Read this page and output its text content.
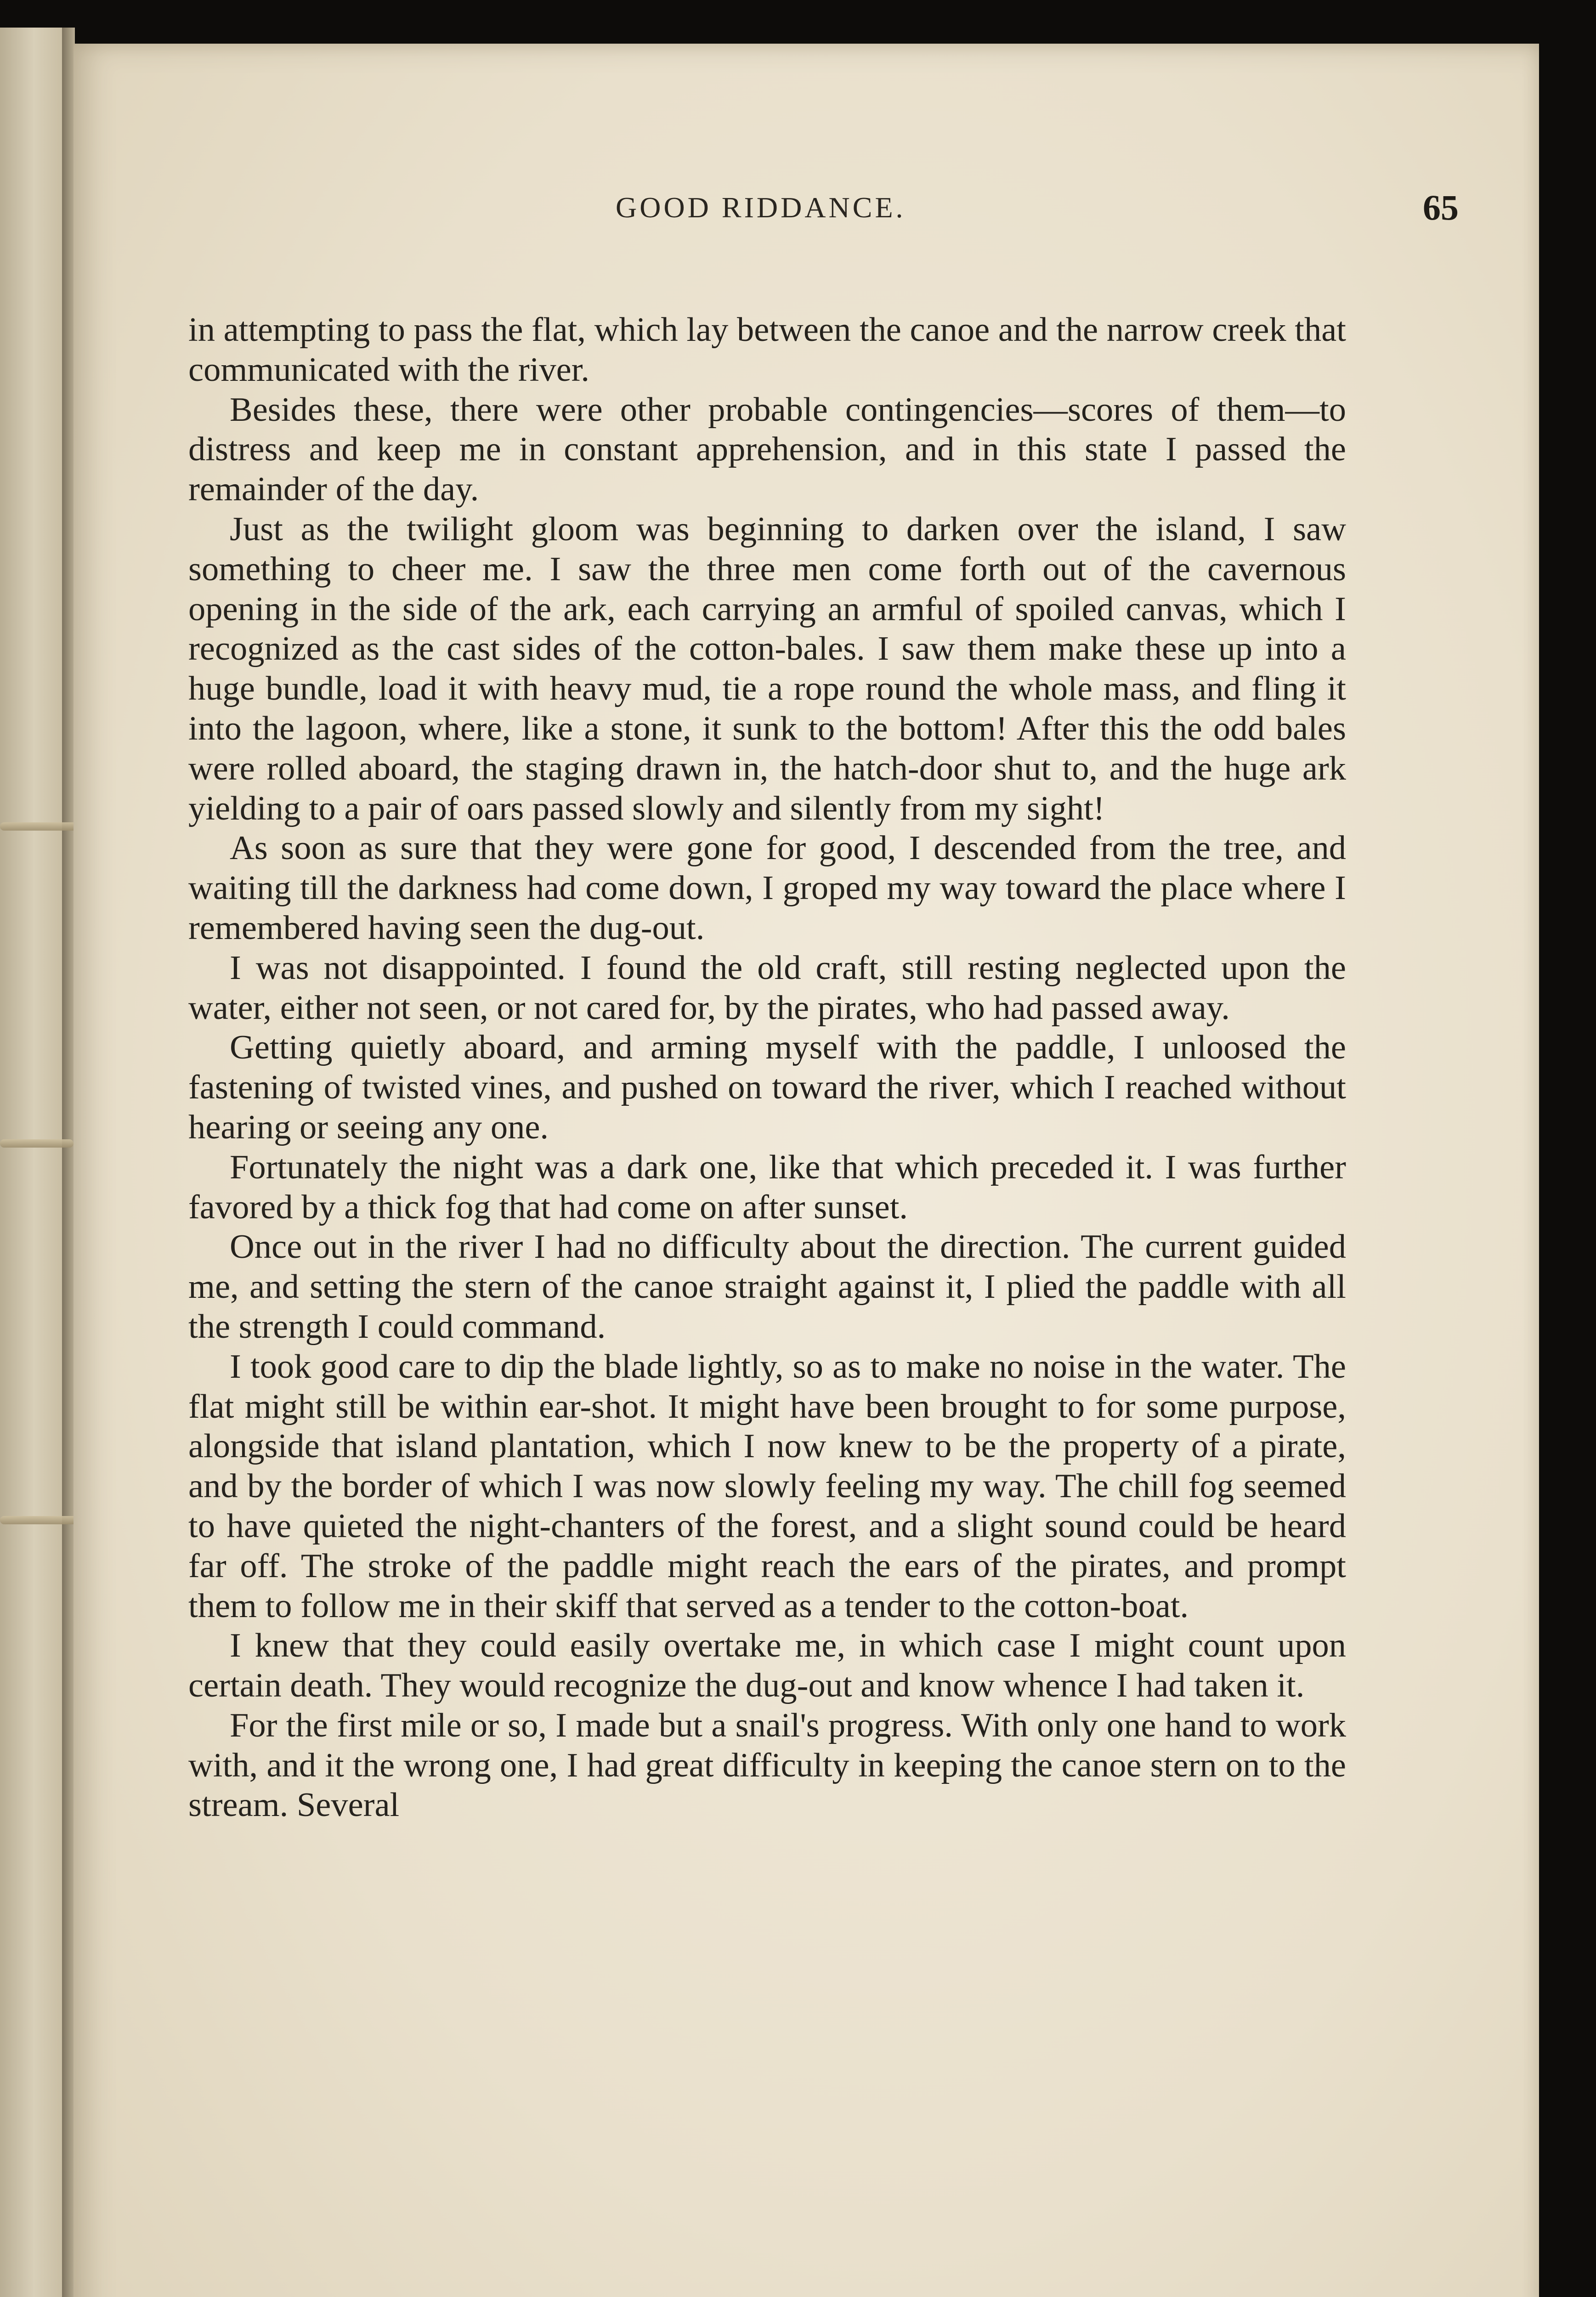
GOOD RIDDANCE.	65

in attempting to pass the flat, which lay between the canoe and the narrow creek that communicated with the river.

Besides these, there were other probable contingencies—scores of them—to distress and keep me in constant apprehension, and in this state I passed the remainder of the day.

Just as the twilight gloom was beginning to darken over the island, I saw something to cheer me. I saw the three men come forth out of the cavernous opening in the side of the ark, each carrying an armful of spoiled canvas, which I recognized as the cast sides of the cotton-bales. I saw them make these up into a huge bundle, load it with heavy mud, tie a rope round the whole mass, and fling it into the lagoon, where, like a stone, it sunk to the bottom! After this the odd bales were rolled aboard, the staging drawn in, the hatch-door shut to, and the huge ark yielding to a pair of oars passed slowly and silently from my sight!

As soon as sure that they were gone for good, I descended from the tree, and waiting till the darkness had come down, I groped my way toward the place where I remembered having seen the dug-out.

I was not disappointed. I found the old craft, still resting neglected upon the water, either not seen, or not cared for, by the pirates, who had passed away.

Getting quietly aboard, and arming myself with the paddle, I unloosed the fastening of twisted vines, and pushed on toward the river, which I reached without hearing or seeing any one.

Fortunately the night was a dark one, like that which preceded it. I was further favored by a thick fog that had come on after sunset.

Once out in the river I had no difficulty about the direction. The current guided me, and setting the stern of the canoe straight against it, I plied the paddle with all the strength I could command.

I took good care to dip the blade lightly, so as to make no noise in the water. The flat might still be within ear-shot. It might have been brought to for some purpose, alongside that island plantation, which I now knew to be the property of a pirate, and by the border of which I was now slowly feeling my way. The chill fog seemed to have quieted the night-chanters of the forest, and a slight sound could be heard far off. The stroke of the paddle might reach the ears of the pirates, and prompt them to follow me in their skiff that served as a tender to the cotton-boat.

I knew that they could easily overtake me, in which case I might count upon certain death. They would recognize the dug-out and know whence I had taken it.

For the first mile or so, I made but a snail's progress. With only one hand to work with, and it the wrong one, I had great difficulty in keeping the canoe stern on to the stream. Several
